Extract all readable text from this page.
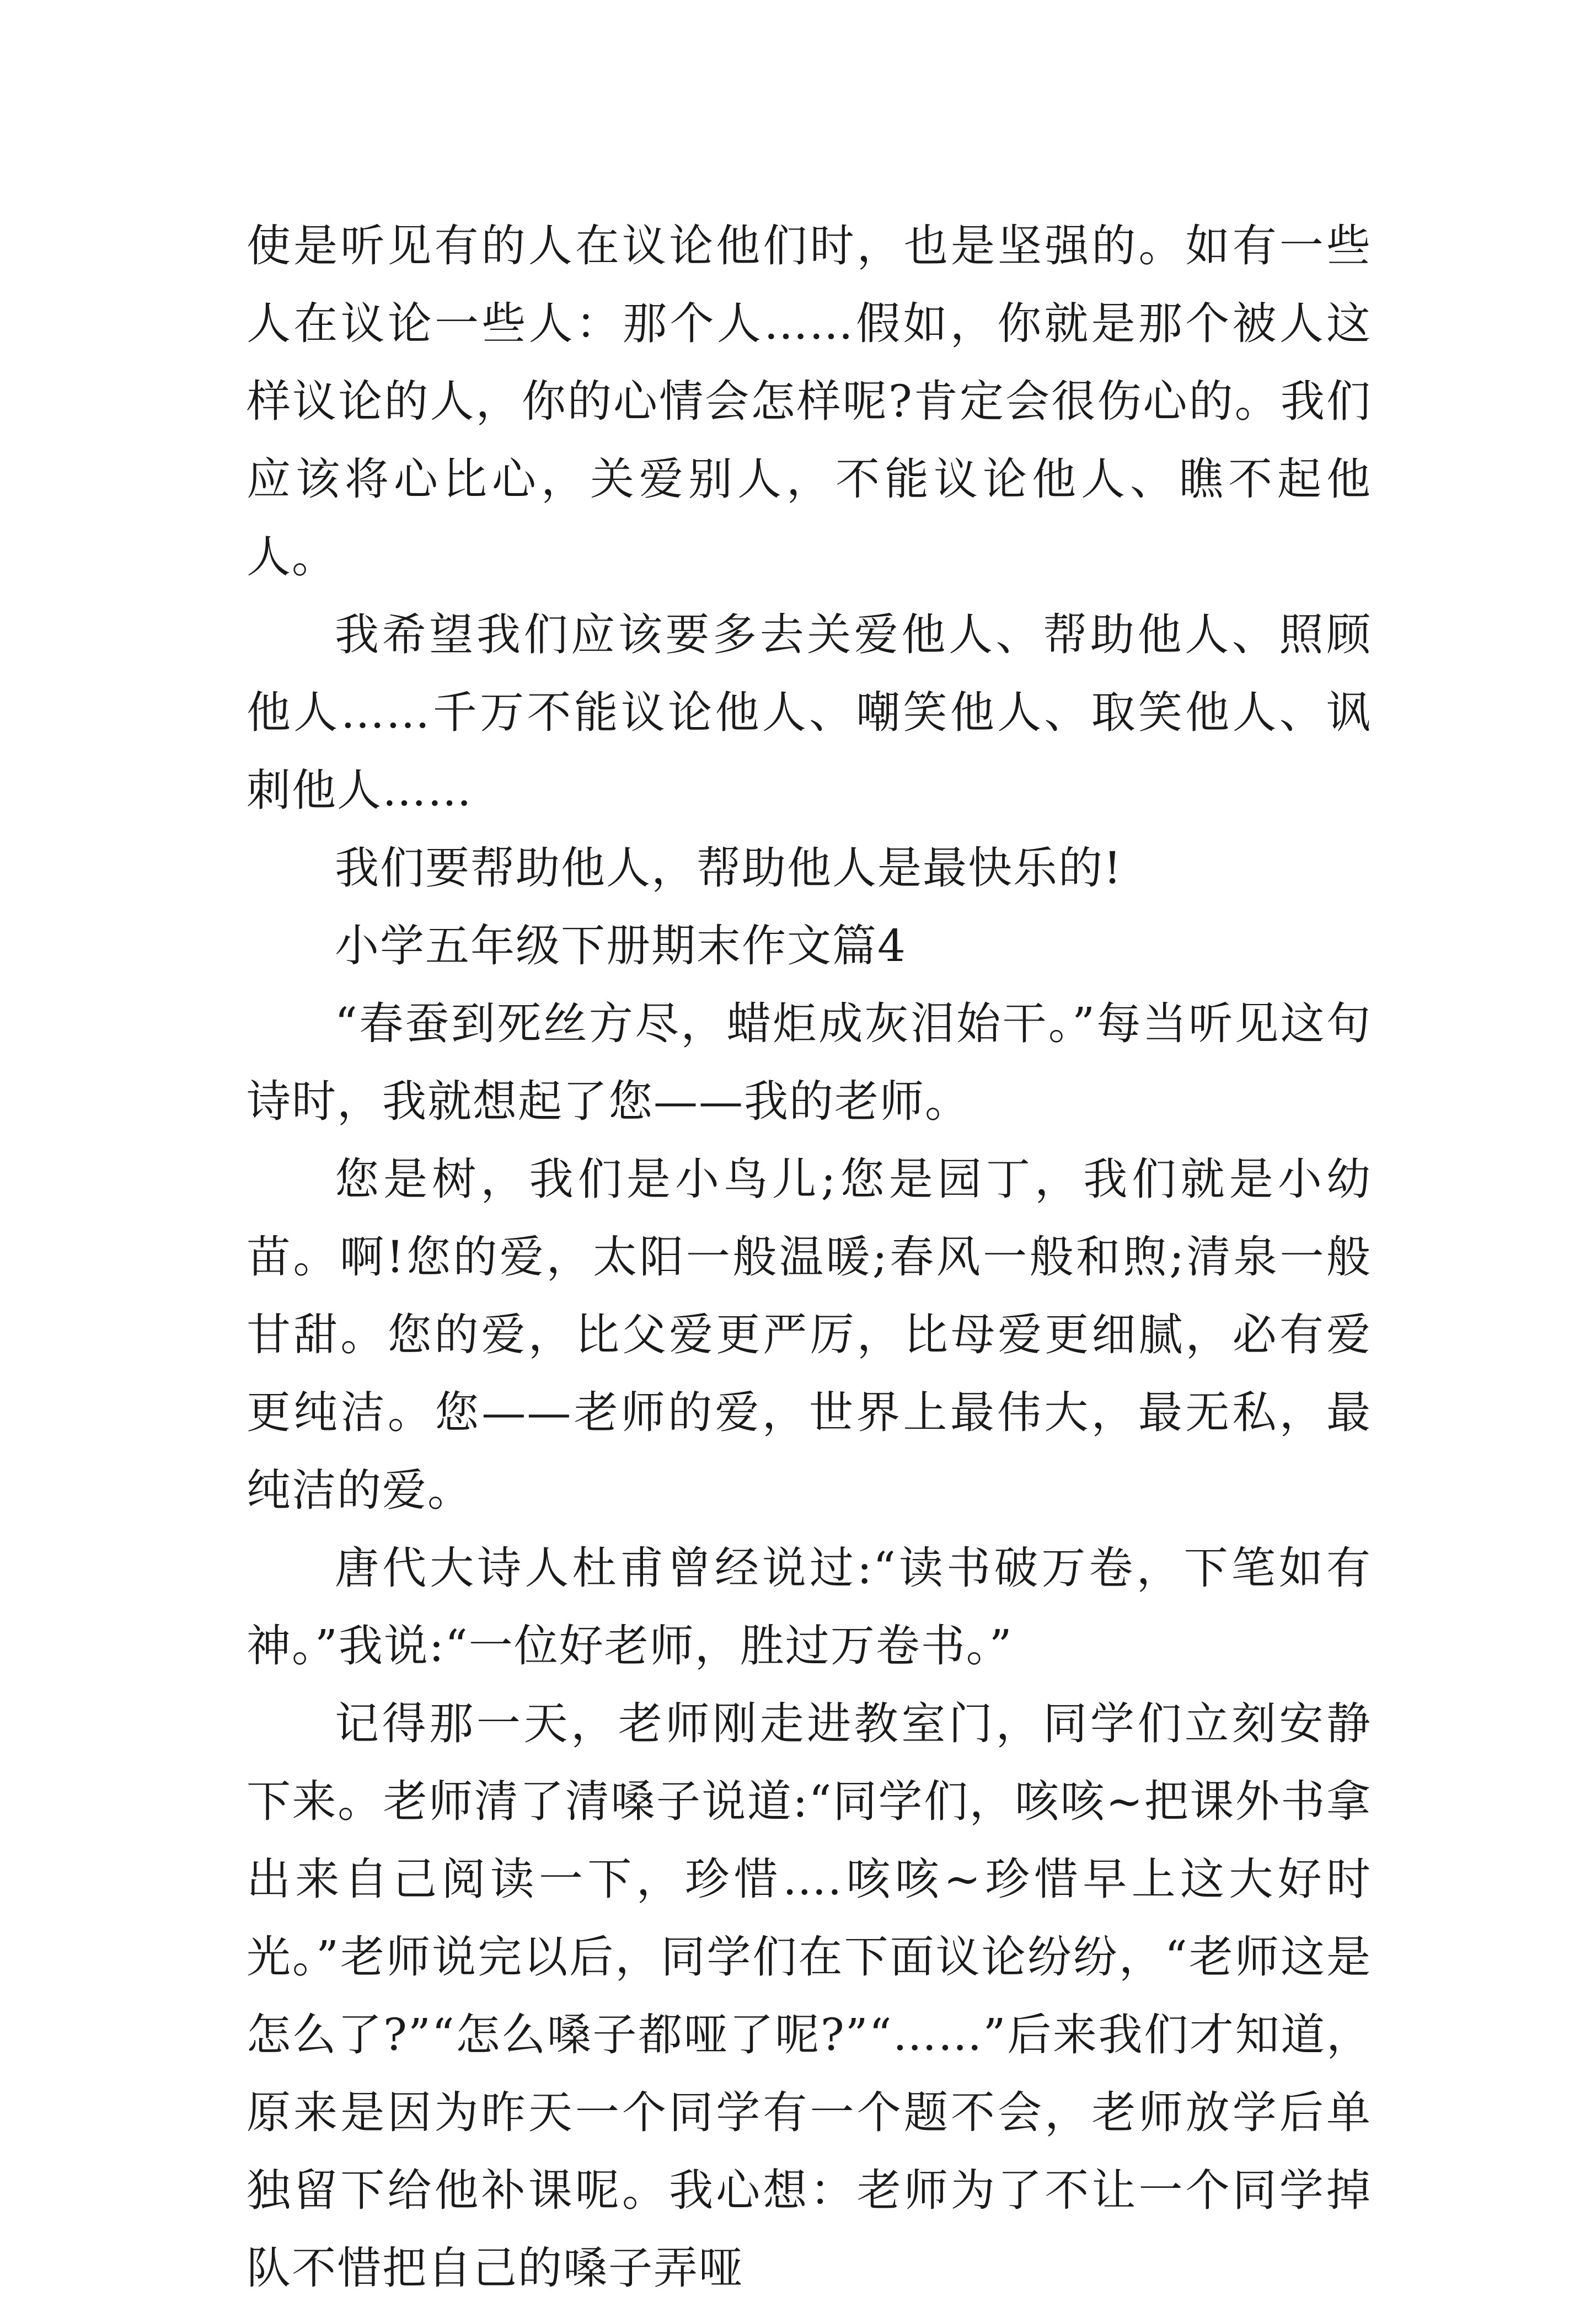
使是听见有的人在议论他们时，也是坚强的。如有一些人在议论一些人：那个人……假如，你就是那个被人这样议论的人，你的心情会怎样呢?肯定会很伤心的。我们应该将心比心，关爱别人，不能议论他人、瞧不起他人。

我希望我们应该要多去关爱他人、帮助他人、照顾他人……千万不能议论他人、嘲笑他人、取笑他人、讽刺他人……

我们要帮助他人，帮助他人是最快乐的!

小学五年级下册期末作文篇4

“春蚕到死丝方尽，蜡炬成灰泪始干。”每当听见这句诗时，我就想起了您——我的老师。

您是树，我们是小鸟儿;您是园丁，我们就是小幼苗。啊!您的爱，太阳一般温暖;春风一般和煦;清泉一般甘甜。您的爱，比父爱更严厉，比母爱更细腻，必有爱更纯洁。您——老师的爱，世界上最伟大，最无私，最纯洁的爱。

唐代大诗人杜甫曾经说过:“读书破万卷，下笔如有神。”我说:“一位好老师，胜过万卷书。”

记得那一天，老师刚走进教室门，同学们立刻安静下来。老师清了清嗓子说道:“同学们，咳咳~把课外书拿出来自己阅读一下，珍惜….咳咳~珍惜早上这大好时光。”老师说完以后，同学们在下面议论纷纷，“老师这是怎么了?”“怎么嗓子都哑了呢?”“……”后来我们才知道，原来是因为昨天一个同学有一个题不会，老师放学后单独留下给他补课呢。我心想：老师为了不让一个同学掉队不惜把自己的嗓子弄哑
